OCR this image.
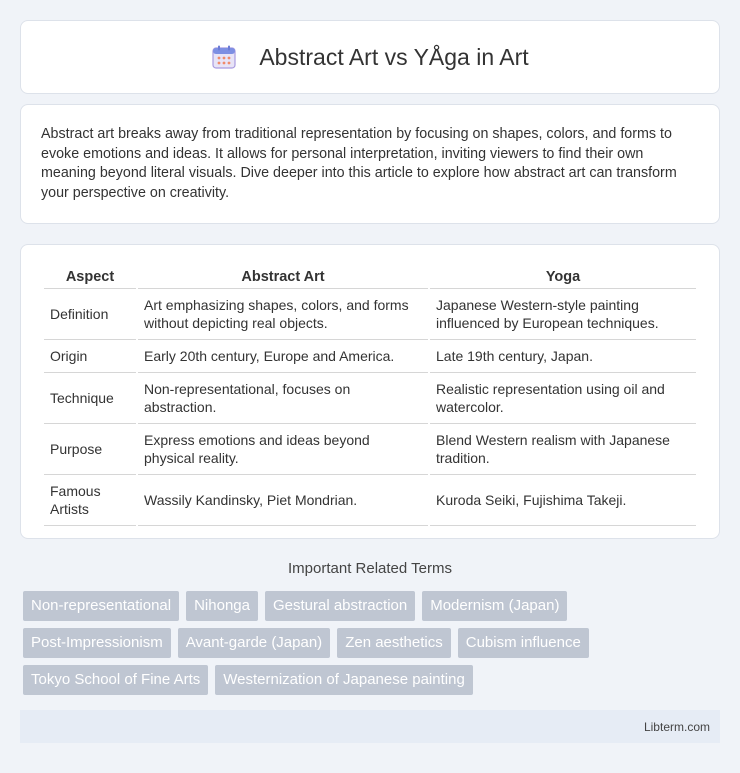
Abstract Art vs YÅga in Art

Abstract art breaks away from traditional representation by focusing on shapes, colors, and forms to evoke emotions and ideas. It allows for personal interpretation, inviting viewers to find their own meaning beyond literal visuals. Dive deeper into this article to explore how abstract art can transform your perspective on creativity.

Aspect	Abstract Art	Yoga
Definition	Art emphasizing shapes, colors, and forms without depicting real objects.	Japanese Western-style painting influenced by European techniques.
Origin	Early 20th century, Europe and America.	Late 19th century, Japan.
Technique	Non-representational, focuses on abstraction.	Realistic representation using oil and watercolor.
Purpose	Express emotions and ideas beyond physical reality.	Blend Western realism with Japanese tradition.
Famous Artists	Wassily Kandinsky, Piet Mondrian.	Kuroda Seiki, Fujishima Takeji.
Important Related Terms
Non-representational	Nihonga	Gestural abstraction	Modernism (Japan)
Post-Impressionism	Avant-garde (Japan)	Zen aesthetics	Cubism influence
Tokyo School of Fine Arts	Westernization of Japanese painting
Libterm.com
